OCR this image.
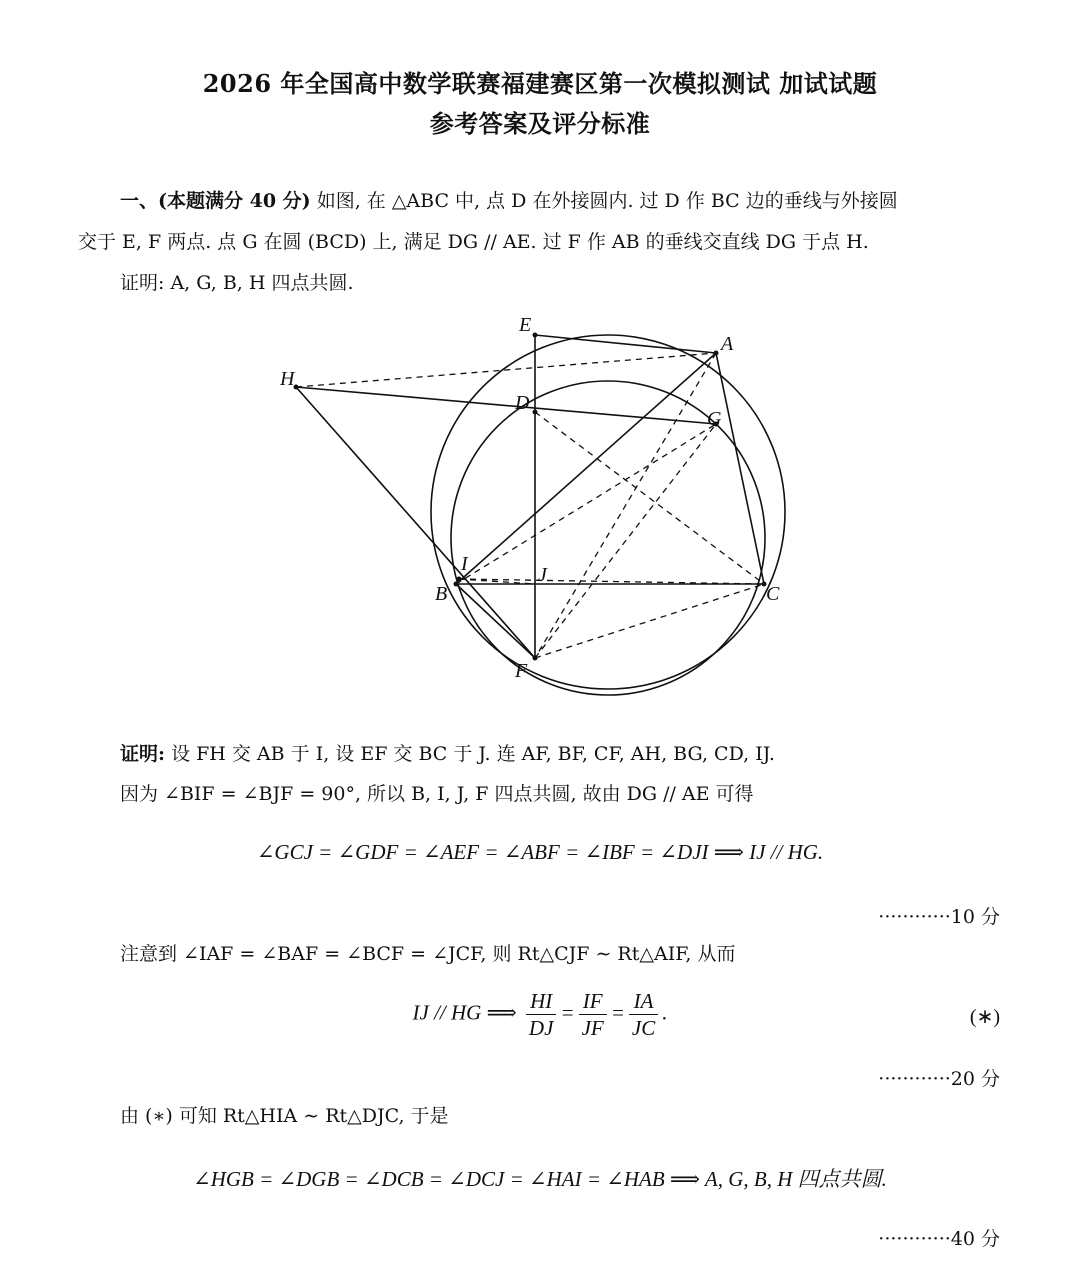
2026 年全国高中数学联赛福建赛区第一次模拟测试 加试试题
参考答案及评分标准
一、(本题满分 40 分) 如图, 在 △ABC 中, 点 D 在外接圆内. 过 D 作 BC 边的垂线与外接圆
交于 E, F 两点. 点 G 在圆 (BCD) 上, 满足 DG // AE. 过 F 作 AB 的垂线交直线 DG 于点 H.
证明: A, G, B, H 四点共圆.
E
A
H
D
G
I	J
B	C
F
证明: 设 FH 交 AB 于 I, 设 EF 交 BC 于 J. 连 AF, BF, CF, AH, BG, CD, IJ.
因为 ∠BIF = ∠BJF = 90°, 所以 B, I, J, F 四点共圆, 故由 DG // AE 可得
∠GCJ = ∠GDF = ∠AEF = ∠ABF = ∠IBF = ∠DJI ⟹ IJ // HG.
············10 分
注意到 ∠IAF = ∠BAF = ∠BCF = ∠JCF, 则 Rt△CJF ∼ Rt△AIF, 从而
IJ // HG ⟹ $\frac{HI}{DJ} = \frac{IF}{JF} = \frac{IA}{JC}$ .	(∗)
············20 分
由 (∗) 可知 Rt△HIA ∼ Rt△DJC, 于是
∠HGB = ∠DGB = ∠DCB = ∠DCJ = ∠HAI = ∠HAB ⟹ A, G, B, H 四点共圆.
············40 分
